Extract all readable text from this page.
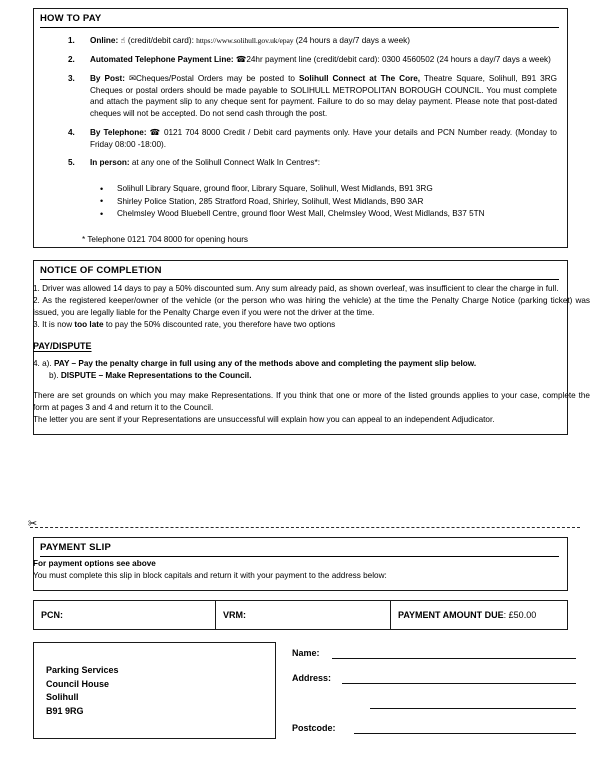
HOW TO PAY
1. Online: ☝ (credit/debit card): https://www.solihull.gov.uk/epay (24 hours a day/7 days a week)
2. Automated Telephone Payment Line: ☎24hr payment line (credit/debit card): 0300 4560502 (24 hours a day/7 days a week)
3. By Post: ✉Cheques/Postal Orders may be posted to Solihull Connect at The Core, Theatre Square, Solihull, B91 3RG Cheques or postal orders should be made payable to SOLIHULL METROPOLITAN BOROUGH COUNCIL. You must complete and attach the payment slip to any cheque sent for payment. Failure to do so may delay payment. Please note that post-dated cheques will not be accepted. Do not send cash through the post.
4. By Telephone: ☎ 0121 704 8000 Credit / Debit card payments only. Have your details and PCN Number ready. (Monday to Friday 08:00 -18:00).
5. In person: at any one of the Solihull Connect Walk In Centres*:
• Solihull Library Square, ground floor, Library Square, Solihull, West Midlands, B91 3RG
• Shirley Police Station, 285 Stratford Road, Shirley, Solihull, West Midlands, B90 3AR
• Chelmsley Wood Bluebell Centre, ground floor West Mall, Chelmsley Wood, West Midlands, B37 5TN
* Telephone 0121 704 8000 for opening hours
NOTICE OF COMPLETION

1. Driver was allowed 14 days to pay a 50% discounted sum. Any sum already paid, as shown overleaf, was insufficient to clear the charge in full.

2. As the registered keeper/owner of the vehicle (or the person who was hiring the vehicle) at the time the Penalty Charge Notice (parking ticket) was issued, you are legally liable for the Penalty Charge even if you were not the driver at the time.

3. It is now too late to pay the 50% discounted rate, you therefore have two options

PAY/DISPUTE
4. a). PAY – Pay the penalty charge in full using any of the methods above and completing the payment slip below.
b). DISPUTE – Make Representations to the Council.
There are set grounds on which you may make Representations. If you think that one or more of the listed grounds applies to your case, complete the form at pages 3 and 4 and return it to the Council.
The letter you are sent if your Representations are unsuccessful will explain how you can appeal to an independent Adjudicator.
✂
PAYMENT SLIP
For payment options see above
You must complete this slip in block capitals and return it with your payment to the address below:
PCN:	VRM:	PAYMENT AMOUNT DUE : £50.00
Parking Services
Council House
Solihull
B91 9RG
Name:
Address:
Postcode:
